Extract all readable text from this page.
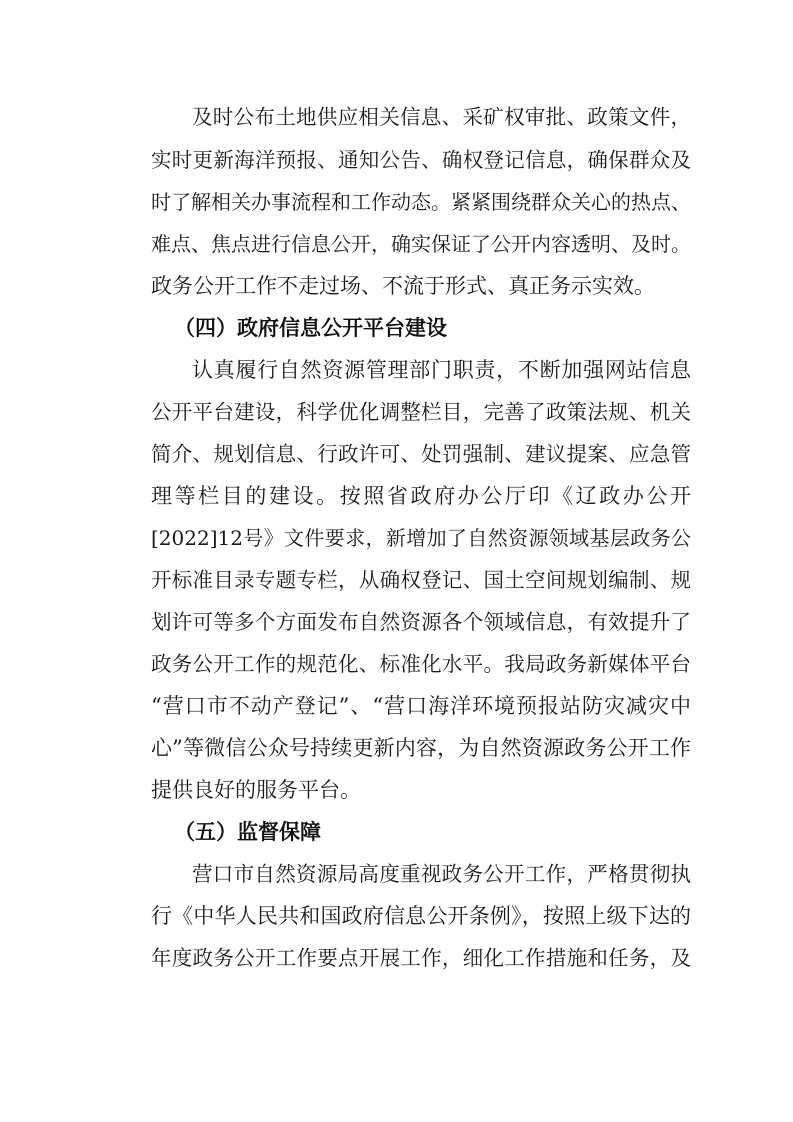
及时公布土地供应相关信息、采矿权审批、政策文件，
实时更新海洋预报、通知公告、确权登记信息，确保群众及
时了解相关办事流程和工作动态。紧紧围绕群众关心的热点、
难点、焦点进行信息公开，确实保证了公开内容透明、及时。
政务公开工作不走过场、不流于形式、真正务示实效。
（四）政府信息公开平台建设
认真履行自然资源管理部门职责，不断加强网站信息
公开平台建设，科学优化调整栏目，完善了政策法规、机关
简介、规划信息、行政许可、处罚强制、建议提案、应急管
理等栏目的建设。按照省政府办公厅印《辽政办公开
[2022]12号》文件要求，新增加了自然资源领域基层政务公
开标准目录专题专栏，从确权登记、国土空间规划编制、规
划许可等多个方面发布自然资源各个领域信息，有效提升了
政务公开工作的规范化、标准化水平。我局政务新媒体平台
“营口市不动产登记”、“营口海洋环境预报站防灾减灾中
心”等微信公众号持续更新内容，为自然资源政务公开工作
提供良好的服务平台。
（五）监督保障
营口市自然资源局高度重视政务公开工作，严格贯彻执
行《中华人民共和国政府信息公开条例》，按照上级下达的
年度政务公开工作要点开展工作，细化工作措施和任务，及
